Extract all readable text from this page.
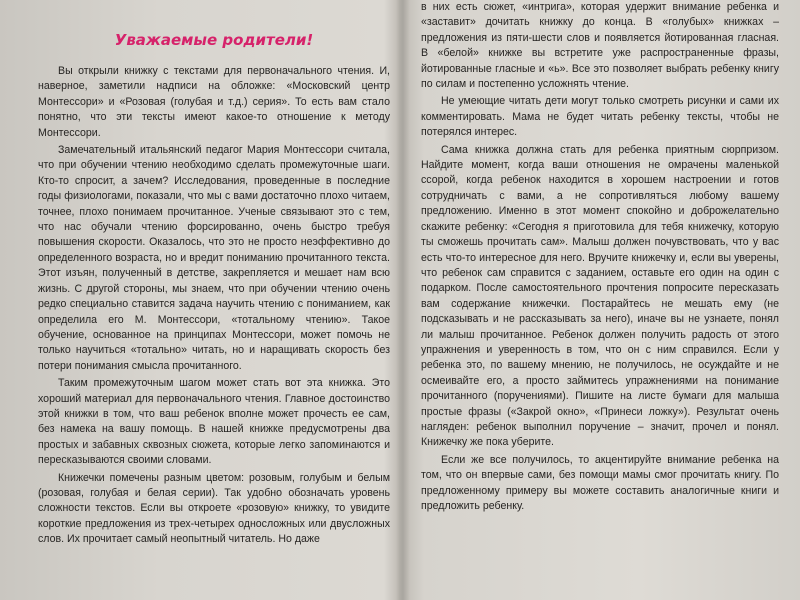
Уважаемые родители!

Вы открыли книжку с текстами для первоначального чтения. И, наверное, заметили надписи на обложке: «Московский центр Монтессори» и «Розовая (голубая и т.д.) серия». То есть вам стало понятно, что эти тексты имеют какое-то отношение к методу Монтессори.

Замечательный итальянский педагог Мария Монтессори считала, что при обучении чтению необходимо сделать промежуточные шаги. Кто-то спросит, а зачем? Исследования, проведенные в последние годы физиологами, показали, что мы с вами достаточно плохо читаем, точнее, плохо понимаем прочитанное. Ученые связывают это с тем, что нас обучали чтению форсированно, очень быстро требуя повышения скорости. Оказалось, что это не просто неэффективно до определенного возраста, но и вредит пониманию прочитанного текста. Этот изъян, полученный в детстве, закрепляется и мешает нам всю жизнь. С другой стороны, мы знаем, что при обучении чтению очень редко специально ставится задача научить чтению с пониманием, как определила его М. Монтессори, «тотальному чтению». Такое обучение, основанное на принципах Монтессори, может помочь не только научиться «тотально» читать, но и наращивать скорость без потери понимания смысла прочитанного.

Таким промежуточным шагом может стать вот эта книжка. Это хороший материал для первоначального чтения. Главное достоинство этой книжки в том, что ваш ребенок вполне может прочесть ее сам, без намека на вашу помощь. В нашей книжке предусмотрены два простых и забавных сквозных сюжета, которые легко запоминаются и пересказываются своими словами.

Книжечки помечены разным цветом: розовым, голубым и белым (розовая, голубая и белая серии). Так удобно обозначать уровень сложности текстов. Если вы откроете «розовую» книжку, то увидите короткие предложения из трех-четырех односложных или двусложных слов. Их прочитает самый неопытный читатель. Но даже

в них есть сюжет, «интрига», которая удержит внимание ребенка и «заставит» дочитать книжку до конца. В «голубых» книжках – предложения из пяти-шести слов и появляется йотированная гласная. В «белой» книжке вы встретите уже распространенные фразы, йотированные гласные и «ь». Все это позволяет выбрать ребенку книгу по силам и постепенно усложнять чтение.

Не умеющие читать дети могут только смотреть рисунки и сами их комментировать. Мама не будет читать ребенку тексты, чтобы не потерялся интерес.

Сама книжка должна стать для ребенка приятным сюрпризом. Найдите момент, когда ваши отношения не омрачены маленькой ссорой, когда ребенок находится в хорошем настроении и готов сотрудничать с вами, а не сопротивляться любому вашему предложению. Именно в этот момент спокойно и доброжелательно скажите ребенку: «Сегодня я приготовила для тебя книжечку, которую ты сможешь прочитать сам». Малыш должен почувствовать, что у вас есть что-то интересное для него. Вручите книжечку и, если вы уверены, что ребенок сам справится с заданием, оставьте его один на один с подарком. После самостоятельного прочтения попросите пересказать вам содержание книжечки. Постарайтесь не мешать ему (не подсказывать и не рассказывать за него), иначе вы не узнаете, понял ли малыш прочитанное. Ребенок должен получить радость от этого упражнения и уверенность в том, что он с ним справился. Если у ребенка это, по вашему мнению, не получилось, не осуждайте и не осмеивайте его, а просто займитесь упражнениями на понимание прочитанного (поручениями). Пишите на листе бумаги для малыша простые фразы («Закрой окно», «Принеси ложку»). Результат очень нагляден: ребенок выполнил поручение – значит, прочел и понял. Книжечку же пока уберите.

Если же все получилось, то акцентируйте внимание ребенка на том, что он впервые сами, без помощи мамы смог прочитать книгу. По предложенному примеру вы можете составить аналогичные книги и предложить ребенку.
